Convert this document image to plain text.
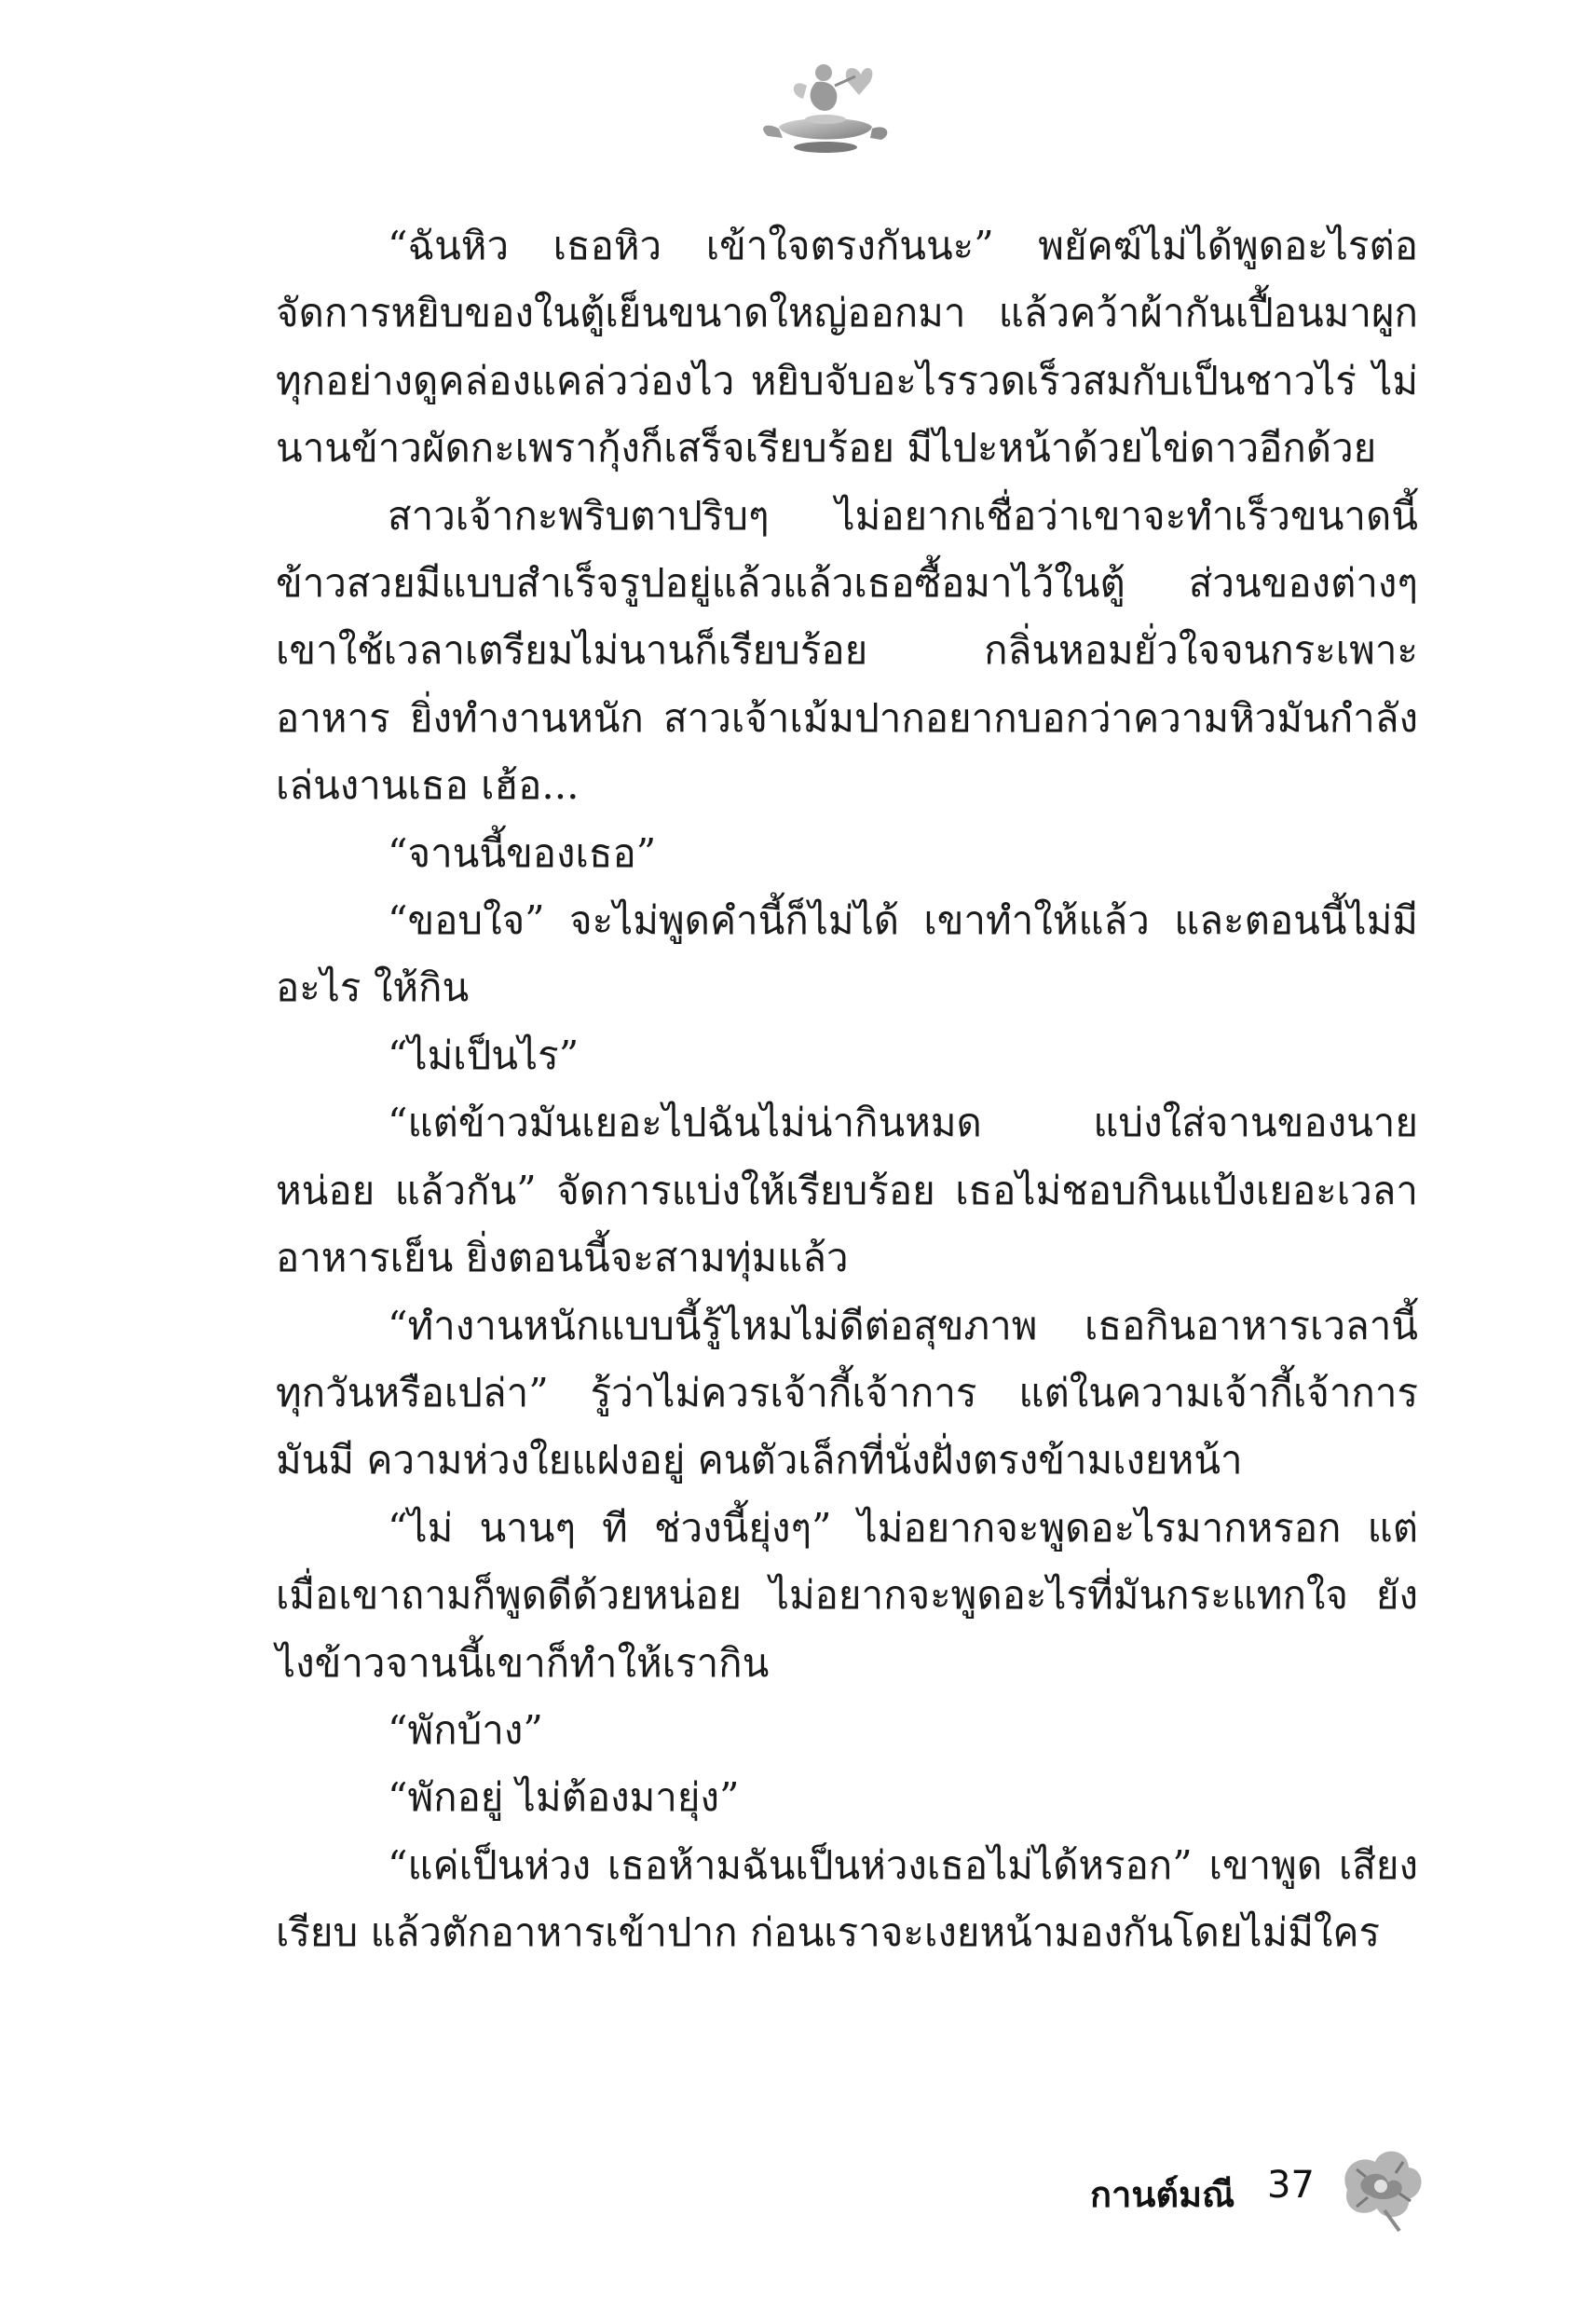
“ฉันหิว เธอหิว เข้าใจตรงกันนะ” พยัคฆ์ไม่ได้พูดอะไรต่อ จัดการหยิบของในตู้เย็นขนาดใหญ่ออกมา แล้วคว้าผ้ากันเปื้อนมาผูก ทุกอย่างดูคล่องแคล่วว่องไว หยิบจับอะไรรวดเร็วสมกับเป็นชาวไร่ ไม่นานข้าวผัดกะเพรากุ้งก็เสร็จเรียบร้อย มีไปะหน้าด้วยไข่ดาวอีกด้วย

สาวเจ้ากะพริบตาปริบๆ ไม่อยากเชื่อว่าเขาจะทำเร็วขนาดนี้ ข้าวสวยมีแบบสำเร็จรูปอยู่แล้วแล้วเธอซื้อมาไว้ในตู้ ส่วนของต่างๆ เขาใช้เวลาเตรียมไม่นานก็เรียบร้อย กลิ่นหอมยั่วใจจนกระเพาะอาหาร ยิ่งทำงานหนัก สาวเจ้าเม้มปากอยากบอกว่าความหิวมันกำลังเล่นงานเธอ เฮ้อ...

“จานนี้ของเธอ”

“ขอบใจ” จะไม่พูดคำนี้ก็ไม่ได้ เขาทำให้แล้ว และตอนนี้ไม่มีอะไร ให้กิน

“ไม่เป็นไร”

“แต่ข้าวมันเยอะไปฉันไม่น่ากินหมด แบ่งใส่จานของนายหน่อย แล้วกัน” จัดการแบ่งให้เรียบร้อย เธอไม่ชอบกินแป้งเยอะเวลาอาหารเย็น ยิ่งตอนนี้จะสามทุ่มแล้ว

“ทำงานหนักแบบนี้รู้ไหมไม่ดีต่อสุขภาพ เธอกินอาหารเวลานี้ ทุกวันหรือเปล่า” รู้ว่าไม่ควรเจ้ากี้เจ้าการ แต่ในความเจ้ากี้เจ้าการ มันมี ความห่วงใยแฝงอยู่ คนตัวเล็กที่นั่งฝั่งตรงข้ามเงยหน้า

“ไม่ นานๆ ที ช่วงนี้ยุ่งๆ” ไม่อยากจะพูดอะไรมากหรอก แต่ เมื่อเขาถามก็พูดดีด้วยหน่อย ไม่อยากจะพูดอะไรที่มันกระแทกใจ ยังไงข้าวจานนี้เขาก็ทำให้เรากิน

“พักบ้าง”

“พักอยู่ ไม่ต้องมายุ่ง”

“แค่เป็นห่วง เธอห้ามฉันเป็นห่วงเธอไม่ได้หรอก” เขาพูด เสียงเรียบ แล้วตักอาหารเข้าปาก ก่อนเราจะเงยหน้ามองกันโดยไม่มีใคร

กานต์มณี 37
